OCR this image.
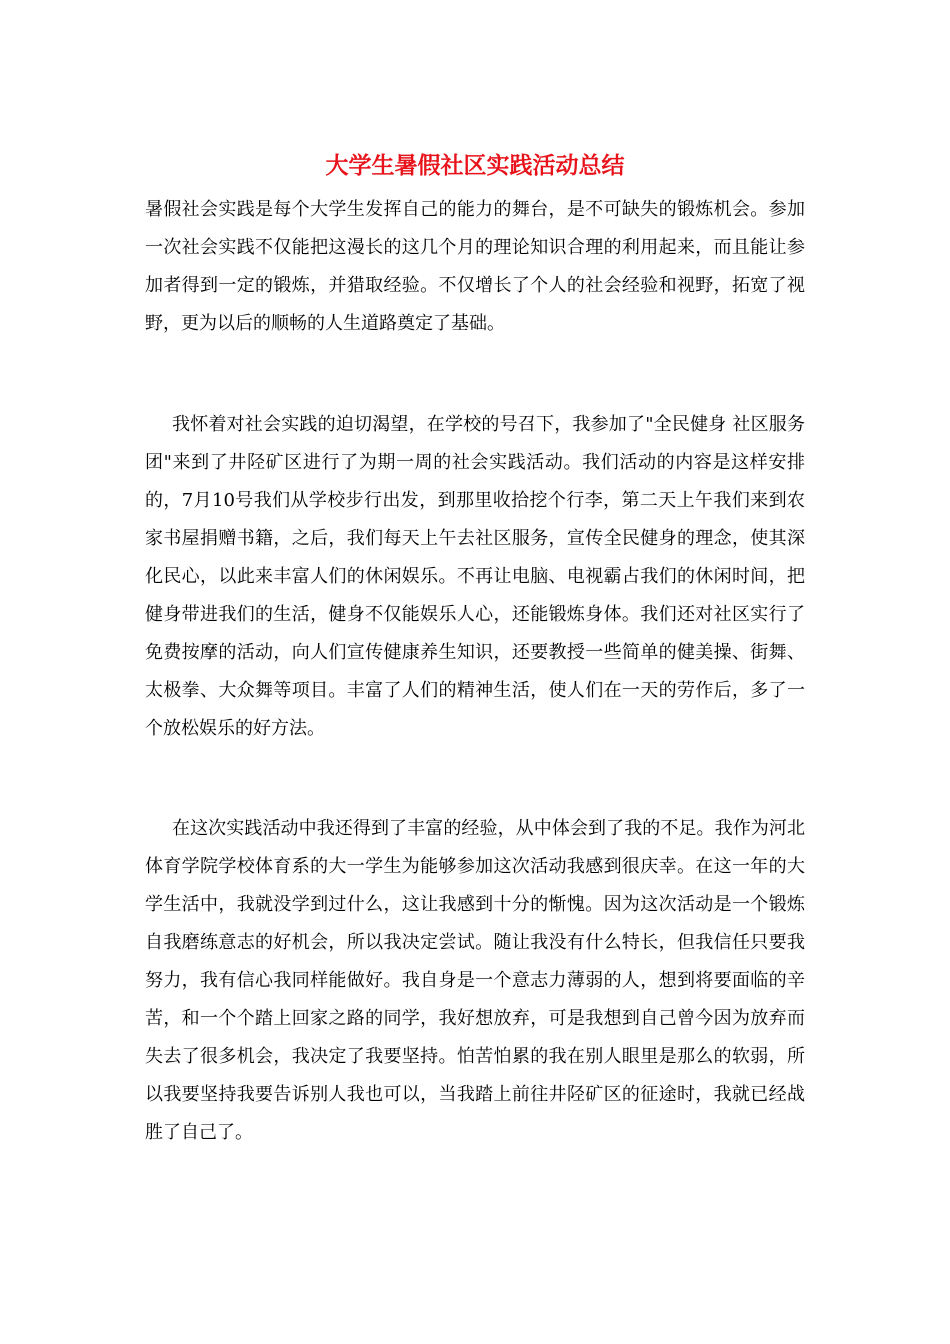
大学生暑假社区实践活动总结

暑假社会实践是每个大学生发挥自己的能力的舞台，是不可缺失的锻炼机会。参加一次社会实践不仅能把这漫长的这几个月的理论知识合理的利用起来，而且能让参加者得到一定的锻炼，并猎取经验。不仅增长了个人的社会经验和视野，拓宽了视野，更为以后的顺畅的人生道路奠定了基础。

我怀着对社会实践的迫切渴望，在学校的号召下，我参加了"全民健身 社区服务团"来到了井陉矿区进行了为期一周的社会实践活动。我们活动的内容是这样安排的，7月10号我们从学校步行出发，到那里收拾挖个行李，第二天上午我们来到农家书屋捐赠书籍，之后，我们每天上午去社区服务，宣传全民健身的理念，使其深化民心，以此来丰富人们的休闲娱乐。不再让电脑、电视霸占我们的休闲时间，把健身带进我们的生活，健身不仅能娱乐人心，还能锻炼身体。我们还对社区实行了免费按摩的活动，向人们宣传健康养生知识，还要教授一些简单的健美操、街舞、太极拳、大众舞等项目。丰富了人们的精神生活，使人们在一天的劳作后，多了一个放松娱乐的好方法。

在这次实践活动中我还得到了丰富的经验，从中体会到了我的不足。我作为河北体育学院学校体育系的大一学生为能够参加这次活动我感到很庆幸。在这一年的大学生活中，我就没学到过什么，这让我感到十分的惭愧。因为这次活动是一个锻炼自我磨练意志的好机会，所以我决定尝试。随让我没有什么特长，但我信任只要我努力，我有信心我同样能做好。我自身是一个意志力薄弱的人，想到将要面临的辛苦，和一个个踏上回家之路的同学，我好想放弃，可是我想到自己曾今因为放弃而失去了很多机会，我决定了我要坚持。怕苦怕累的我在别人眼里是那么的软弱，所以我要坚持我要告诉别人我也可以，当我踏上前往井陉矿区的征途时，我就已经战胜了自己了。
